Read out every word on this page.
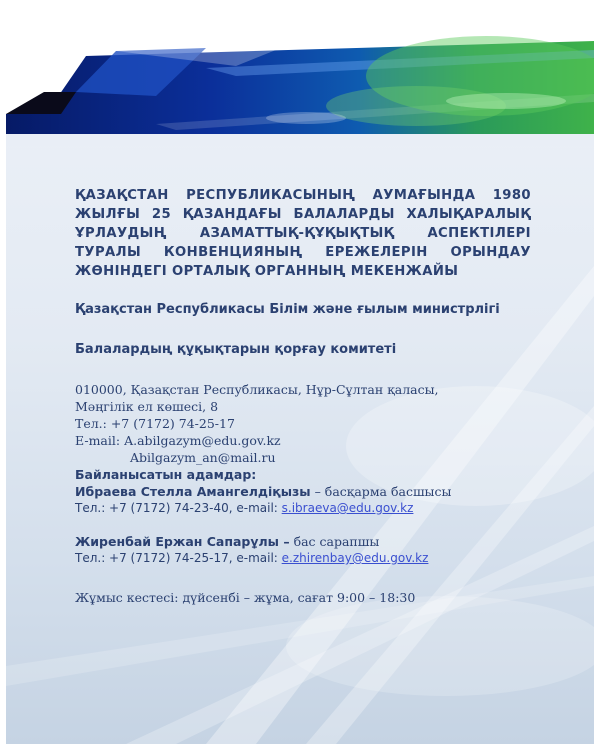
ҚАЗАҚСТАН РЕСПУБЛИКАСЫНЫҢ АУМАҒЫНДА 1980 ЖЫЛҒЫ 25 ҚАЗАНДАҒЫ БАЛАЛАРДЫ ХАЛЫҚАРАЛЫҚ ҰРЛАУДЫҢ АЗАМАТТЫҚ-ҚҰҚЫҚТЫҚ АСПЕКТІЛЕРІ ТУРАЛЫ КОНВЕНЦИЯНЫҢ ЕРЕЖЕЛЕРІН ОРЫНДАУ ЖӨНІНДЕГІ ОРТАЛЫҚ ОРГАННЫҢ МЕКЕНЖАЙЫ

Қазақстан Республикасы Білім және ғылым министрлігі
Балалардың құқықтарын қорғау комитеті
010000, Қазақстан Республикасы, Нұр-Сұлтан қаласы,
Мәңгілік ел көшесі, 8
Тел.: +7 (7172) 74-25-17
E-mail: A.abilgazym@edu.gov.kz
Abilgazym_an@mail.ru
Байланысатын адамдар:
Ибраева Стелла Амангелдіқызы – басқарма басшысы
Тел.: +7 (7172) 74-23-40, e-mail: s.ibraeva@edu.gov.kz
Жиренбай Ержан Сапарұлы – бас сарапшы
Тел.: +7 (7172) 74-25-17, e-mail: e.zhirenbay@edu.gov.kz
Жұмыс кестесі: дүйсенбі – жұма, сағат 9:00 – 18:30
